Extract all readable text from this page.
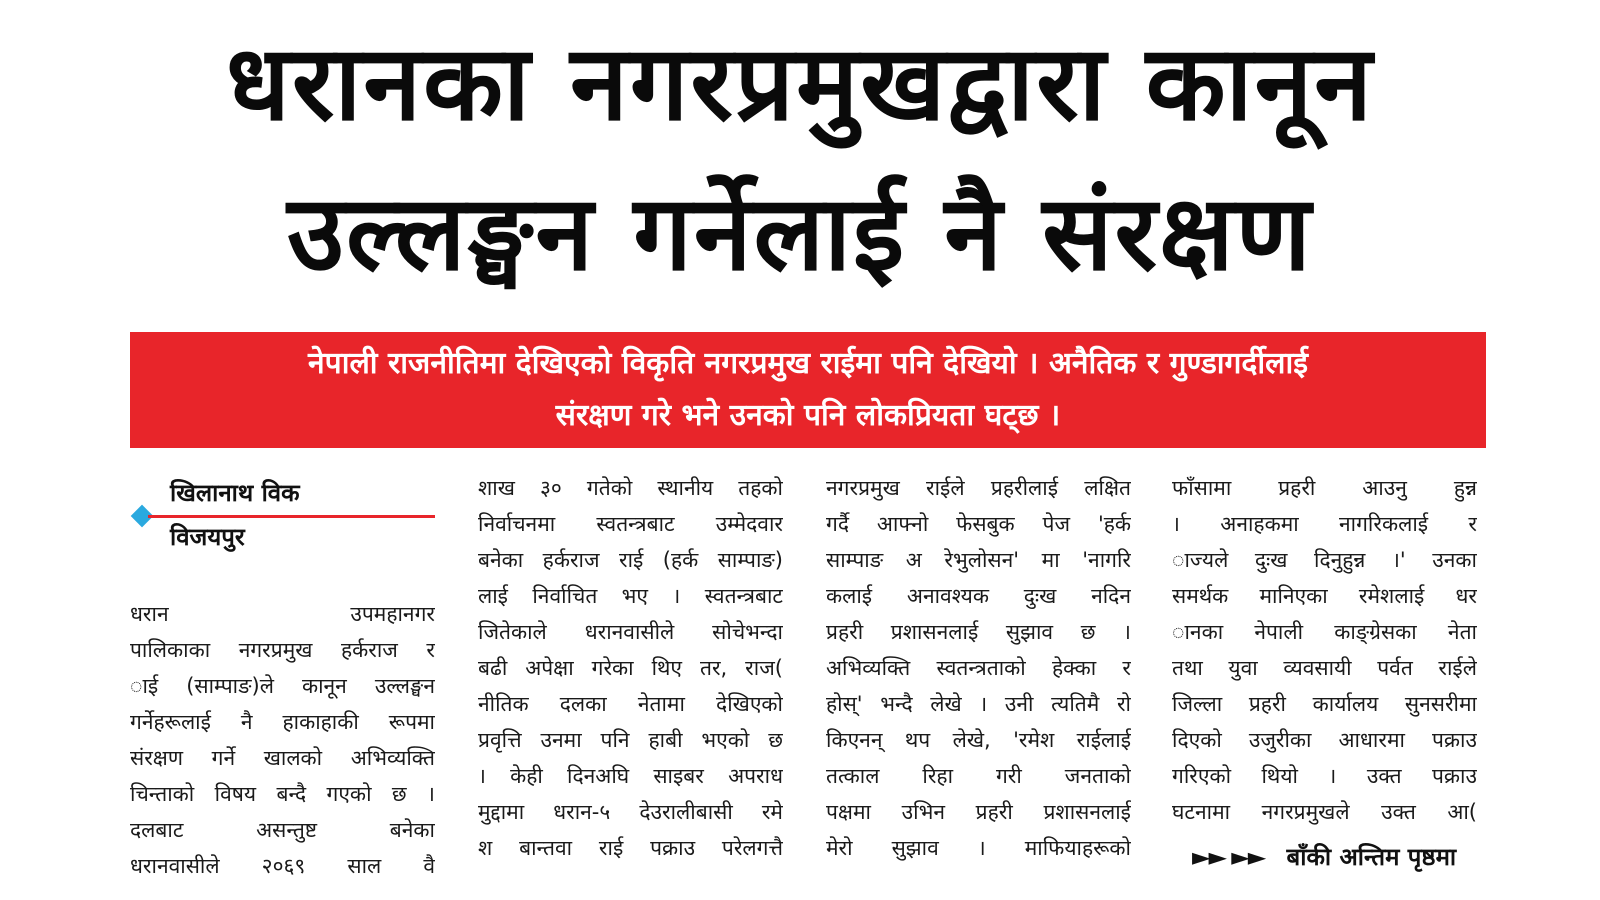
धरानका नगरप्रमुखद्वारा कानून
उल्लङ्घन गर्नेलाई नै संरक्षण
नेपाली राजनीतिमा देखिएको विकृति नगरप्रमुख राईमा पनि देखियो । अनैतिक र गुण्डागर्दीलाई
संरक्षण गरे भने उनको पनि लोकप्रियता घट्छ ।
खिलानाथ विक
विजयपुर
धरान उपमहानगर
पालिकाका नगरप्रमुख हर्कराज र
ाई (साम्पाङ)ले कानून उल्लङ्घन
गर्नेहरूलाई नै हाकाहाकी रूपमा
संरक्षण गर्ने खालको अभिव्यक्ति
चिन्ताको विषय बन्दै गएको छ ।
दलबाट असन्तुष्ट बनेका
धरानवासीले २०६९ साल वै
शाख ३० गतेको स्थानीय तहको
निर्वाचनमा स्वतन्त्रबाट उम्मेदवार
बनेका हर्कराज राई (हर्क साम्पाङ)
लाई निर्वाचित भए । स्वतन्त्रबाट
जितेकाले धरानवासीले सोचेभन्दा
बढी अपेक्षा गरेका थिए तर, राज(
नीतिक दलका नेतामा देखिएको
प्रवृत्ति उनमा पनि हाबी भएको छ
। केही दिनअघि साइबर अपराध
मुद्दामा धरान-५ देउरालीबासी रमे
श बान्तवा राई पक्राउ परेलगत्तै
नगरप्रमुख राईले प्रहरीलाई लक्षित
गर्दै आफ्नो फेसबुक पेज 'हर्क
साम्पाङ अ रेभुलोसन' मा 'नागरि
कलाई अनावश्यक दुःख नदिन
प्रहरी प्रशासनलाई सुझाव छ ।
अभिव्यक्ति स्वतन्त्रताको हेक्का र
होस्' भन्दै लेखे । उनी त्यतिमै रो
किएनन् थप लेखे, 'रमेश राईलाई
तत्काल रिहा गरी जनताको
पक्षमा उभिन प्रहरी प्रशासनलाई
मेरो सुझाव । माफियाहरूको
फाँसामा प्रहरी आउनु हुन्न
। अनाहकमा नागरिकलाई र
ाज्यले दुःख दिनुहुन्न ।' उनका
समर्थक मानिएका रमेशलाई धर
ानका नेपाली काङ्ग्रेसका नेता
तथा युवा व्यवसायी पर्वत राईले
जिल्ला प्रहरी कार्यालय सुनसरीमा
दिएको उजुरीका आधारमा पक्राउ
गरिएको थियो । उक्त पक्राउ
घटनामा नगरप्रमुखले उक्त आ(
►► ►► बाँकी अन्तिम पृष्ठमा
